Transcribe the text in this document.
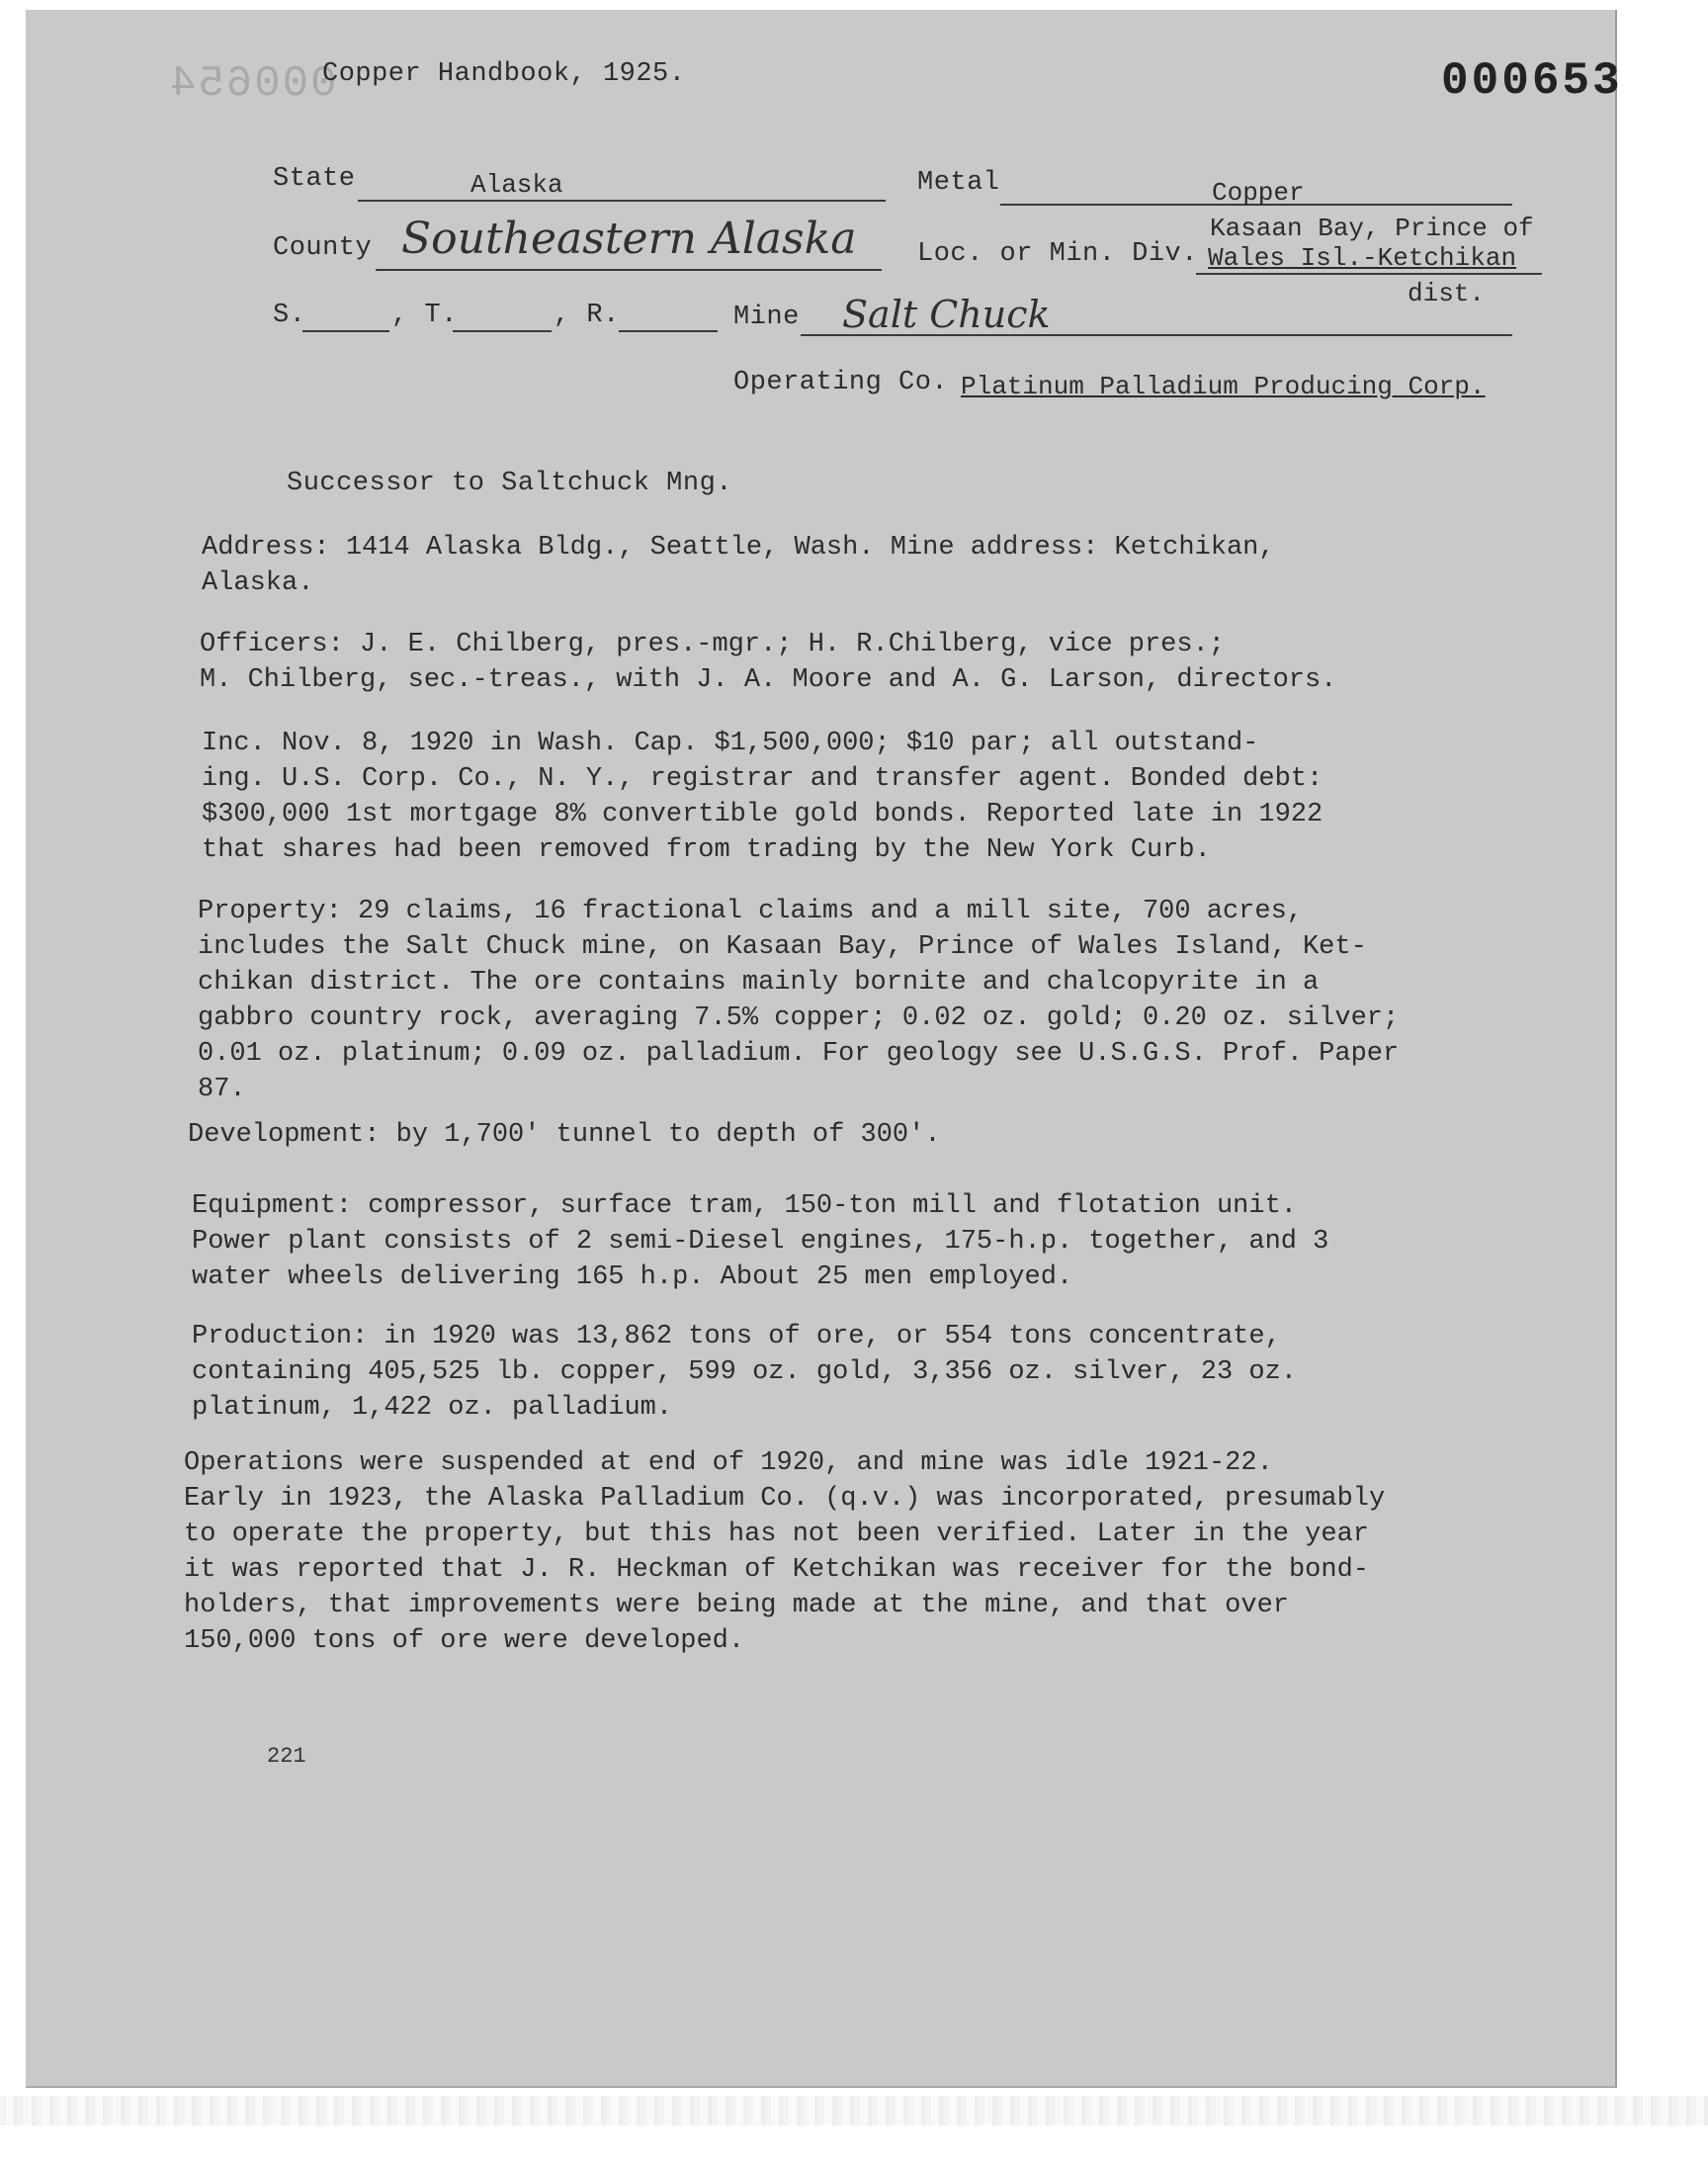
000654
Copper Handbook, 1925.	000653
State	Alaska	Metal	Copper
County Southeastern Alaska Loc. or Min. Div.
Kasaan Bay, Prince of
Wales Isl.-Ketchikan
dist.
S.	, T.	, R.	Mine Salt Chuck
Operating Co. Platinum Palladium Producing Corp.
Successor to Saltchuck Mng.
Address: 1414 Alaska Bldg., Seattle, Wash. Mine address: Ketchikan,
Alaska.
Officers: J. E. Chilberg, pres.-mgr.; H. R.Chilberg, vice pres.;
M. Chilberg, sec.-treas., with J. A. Moore and A. G. Larson, directors.
Inc. Nov. 8, 1920 in Wash. Cap. $1,500,000; $10 par; all outstand-
ing. U.S. Corp. Co., N. Y., registrar and transfer agent. Bonded debt:
$300,000 1st mortgage 8% convertible gold bonds. Reported late in 1922
that shares had been removed from trading by the New York Curb.
Property: 29 claims, 16 fractional claims and a mill site, 700 acres,
includes the Salt Chuck mine, on Kasaan Bay, Prince of Wales Island, Ket-
chikan district. The ore contains mainly bornite and chalcopyrite in a
gabbro country rock, averaging 7.5% copper; 0.02 oz. gold; 0.20 oz. silver;
0.01 oz. platinum; 0.09 oz. palladium. For geology see U.S.G.S. Prof. Paper
87.
Development: by 1,700' tunnel to depth of 300'.
Equipment: compressor, surface tram, 150-ton mill and flotation unit.
Power plant consists of 2 semi-Diesel engines, 175-h.p. together, and 3
water wheels delivering 165 h.p. About 25 men employed.
Production: in 1920 was 13,862 tons of ore, or 554 tons concentrate,
containing 405,525 lb. copper, 599 oz. gold, 3,356 oz. silver, 23 oz.
platinum, 1,422 oz. palladium.
Operations were suspended at end of 1920, and mine was idle 1921-22.
Early in 1923, the Alaska Palladium Co. (q.v.) was incorporated, presumably
to operate the property, but this has not been verified. Later in the year
it was reported that J. R. Heckman of Ketchikan was receiver for the bond-
holders, that improvements were being made at the mine, and that over
150,000 tons of ore were developed.
221
